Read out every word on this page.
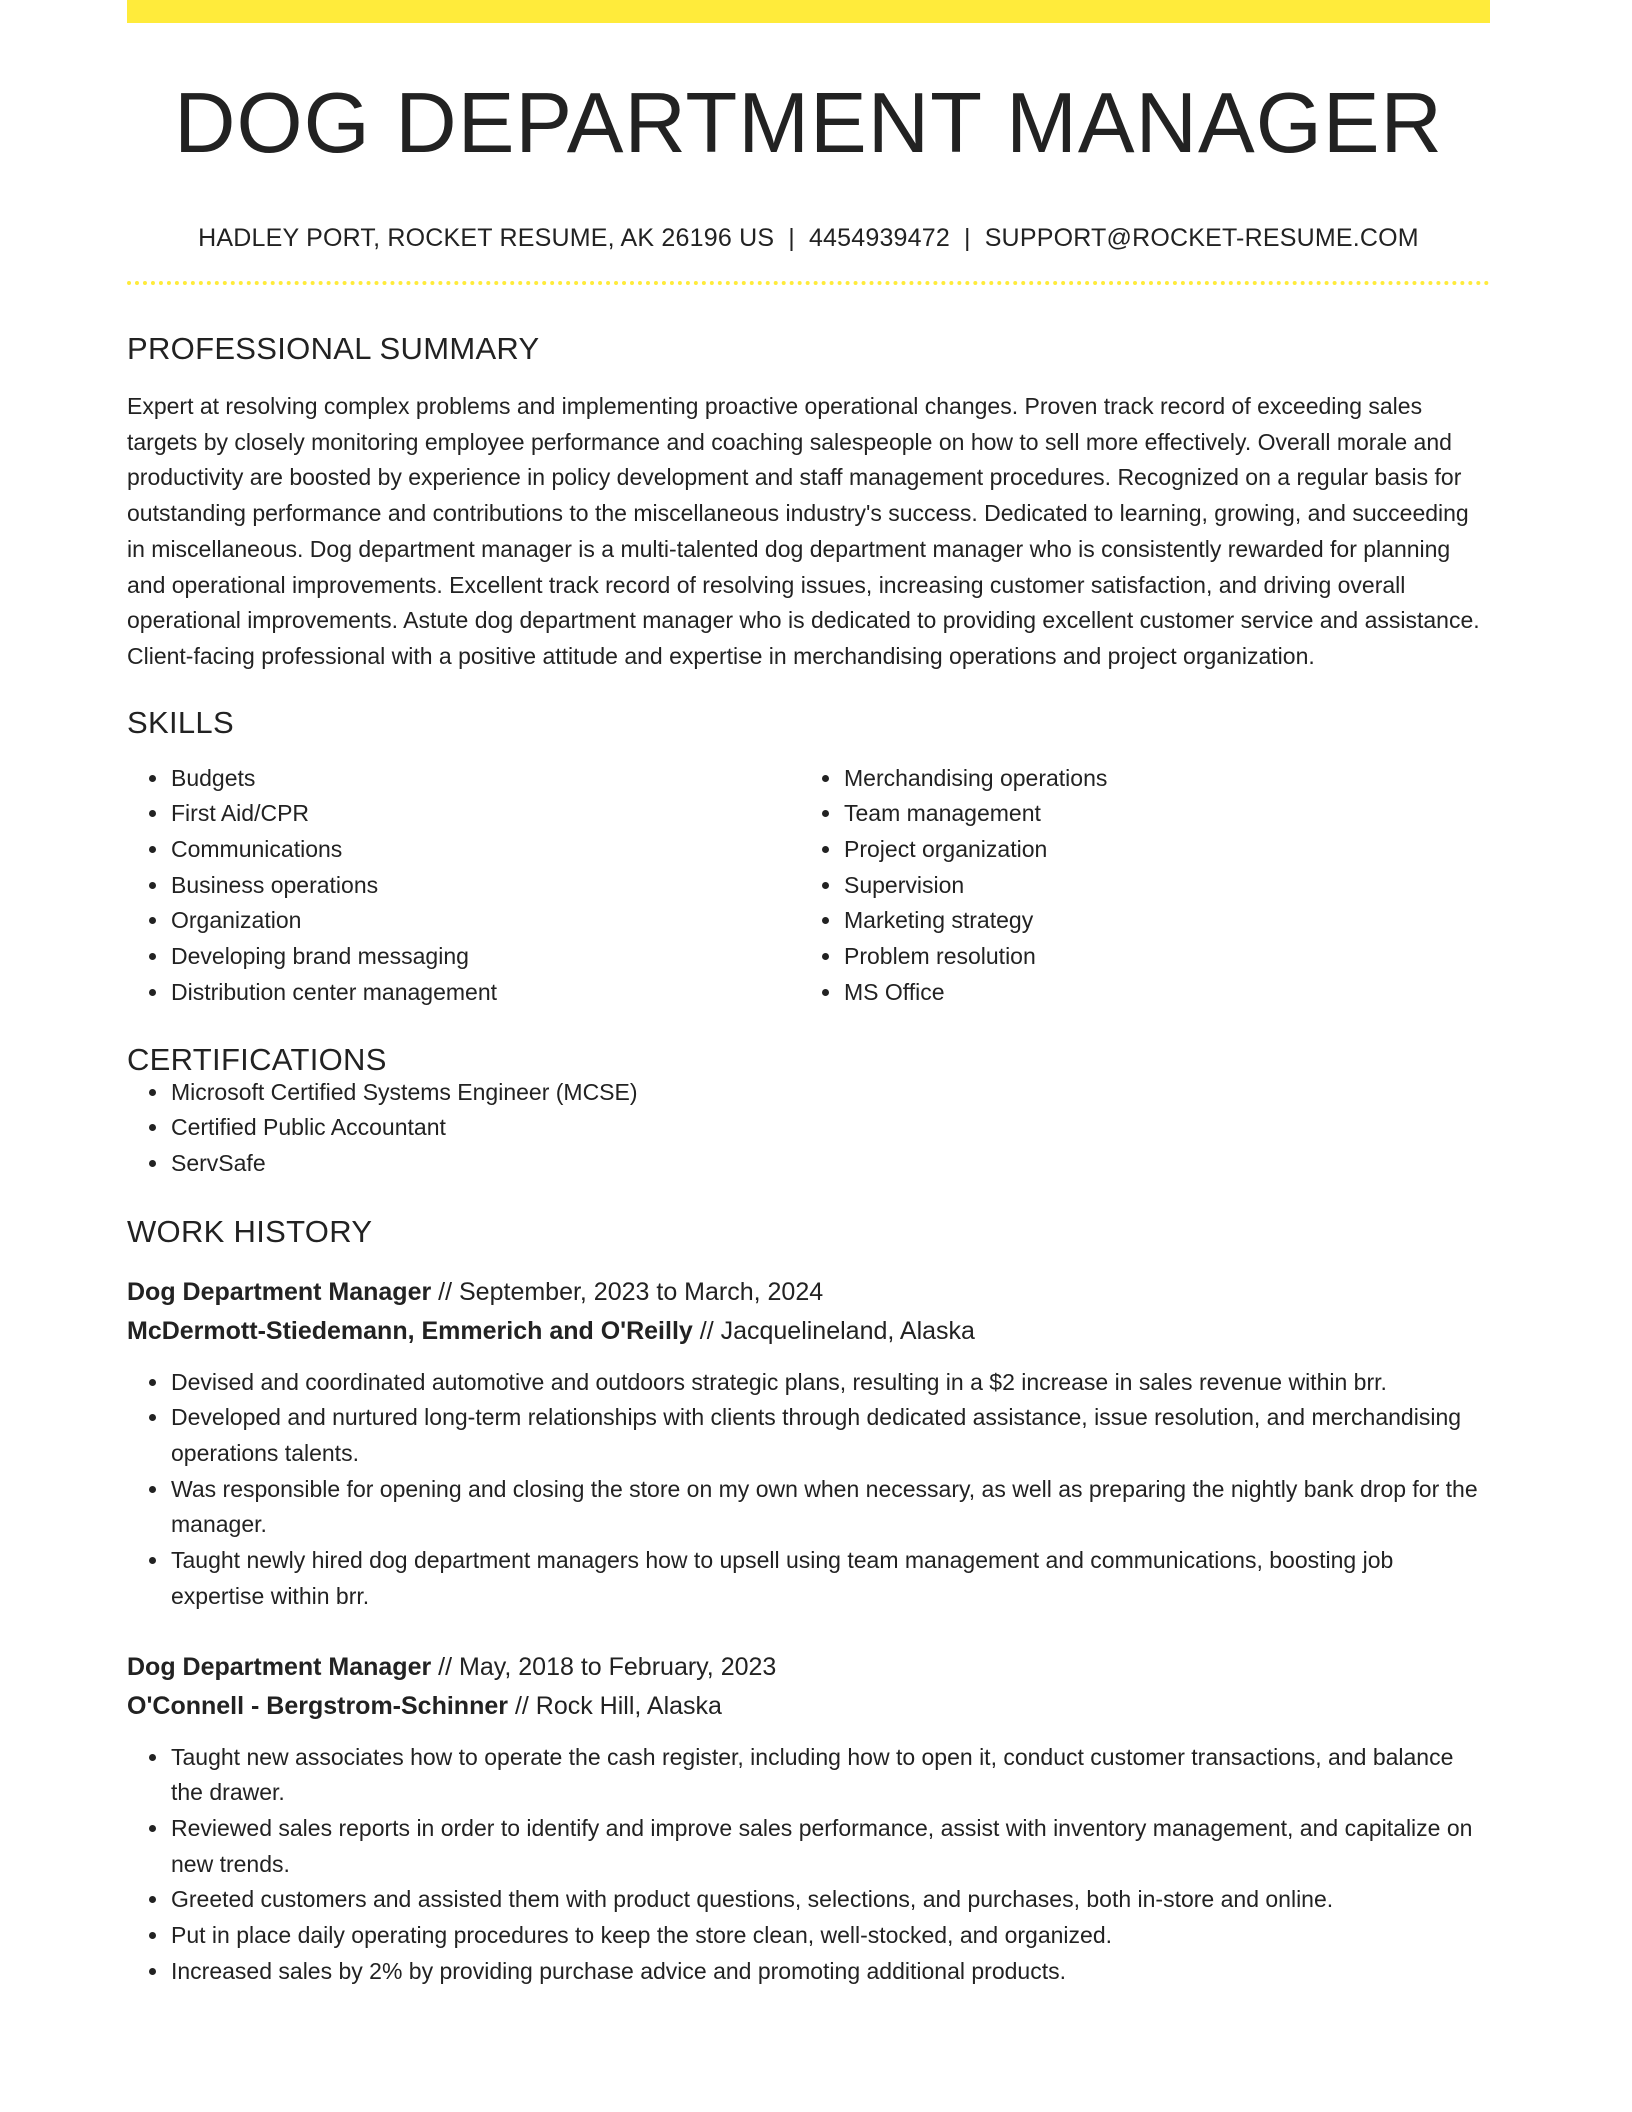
DOG DEPARTMENT MANAGER
HADLEY PORT, ROCKET RESUME, AK 26196 US | 4454939472 | SUPPORT@ROCKET-RESUME.COM
PROFESSIONAL SUMMARY

Expert at resolving complex problems and implementing proactive operational changes. Proven track record of exceeding sales targets by closely monitoring employee performance and coaching salespeople on how to sell more effectively. Overall morale and productivity are boosted by experience in policy development and staff management procedures. Recognized on a regular basis for outstanding performance and contributions to the miscellaneous industry's success. Dedicated to learning, growing, and succeeding in miscellaneous. Dog department manager is a multi-talented dog department manager who is consistently rewarded for planning and operational improvements. Excellent track record of resolving issues, increasing customer satisfaction, and driving overall operational improvements. Astute dog department manager who is dedicated to providing excellent customer service and assistance. Client-facing professional with a positive attitude and expertise in merchandising operations and project organization.

SKILLS
• Budgets
• First Aid/CPR
• Communications
• Business operations
• Organization
• Developing brand messaging
• Distribution center management
• Merchandising operations
• Team management
• Project organization
• Supervision
• Marketing strategy
• Problem resolution
• MS Office
CERTIFICATIONS
• Microsoft Certified Systems Engineer (MCSE)
• Certified Public Accountant
• ServSafe
WORK HISTORY
Dog Department Manager // September, 2023 to March, 2024
McDermott-Stiedemann, Emmerich and O'Reilly // Jacquelineland, Alaska
• Devised and coordinated automotive and outdoors strategic plans, resulting in a $2 increase in sales revenue within brr.
• Developed and nurtured long-term relationships with clients through dedicated assistance, issue resolution, and merchandising operations talents.
• Was responsible for opening and closing the store on my own when necessary, as well as preparing the nightly bank drop for the manager.
• Taught newly hired dog department managers how to upsell using team management and communications, boosting job expertise within brr.
Dog Department Manager // May, 2018 to February, 2023
O'Connell - Bergstrom-Schinner // Rock Hill, Alaska
• Taught new associates how to operate the cash register, including how to open it, conduct customer transactions, and balance the drawer.
• Reviewed sales reports in order to identify and improve sales performance, assist with inventory management, and capitalize on new trends.
• Greeted customers and assisted them with product questions, selections, and purchases, both in-store and online.
• Put in place daily operating procedures to keep the store clean, well-stocked, and organized.
• Increased sales by 2% by providing purchase advice and promoting additional products.
